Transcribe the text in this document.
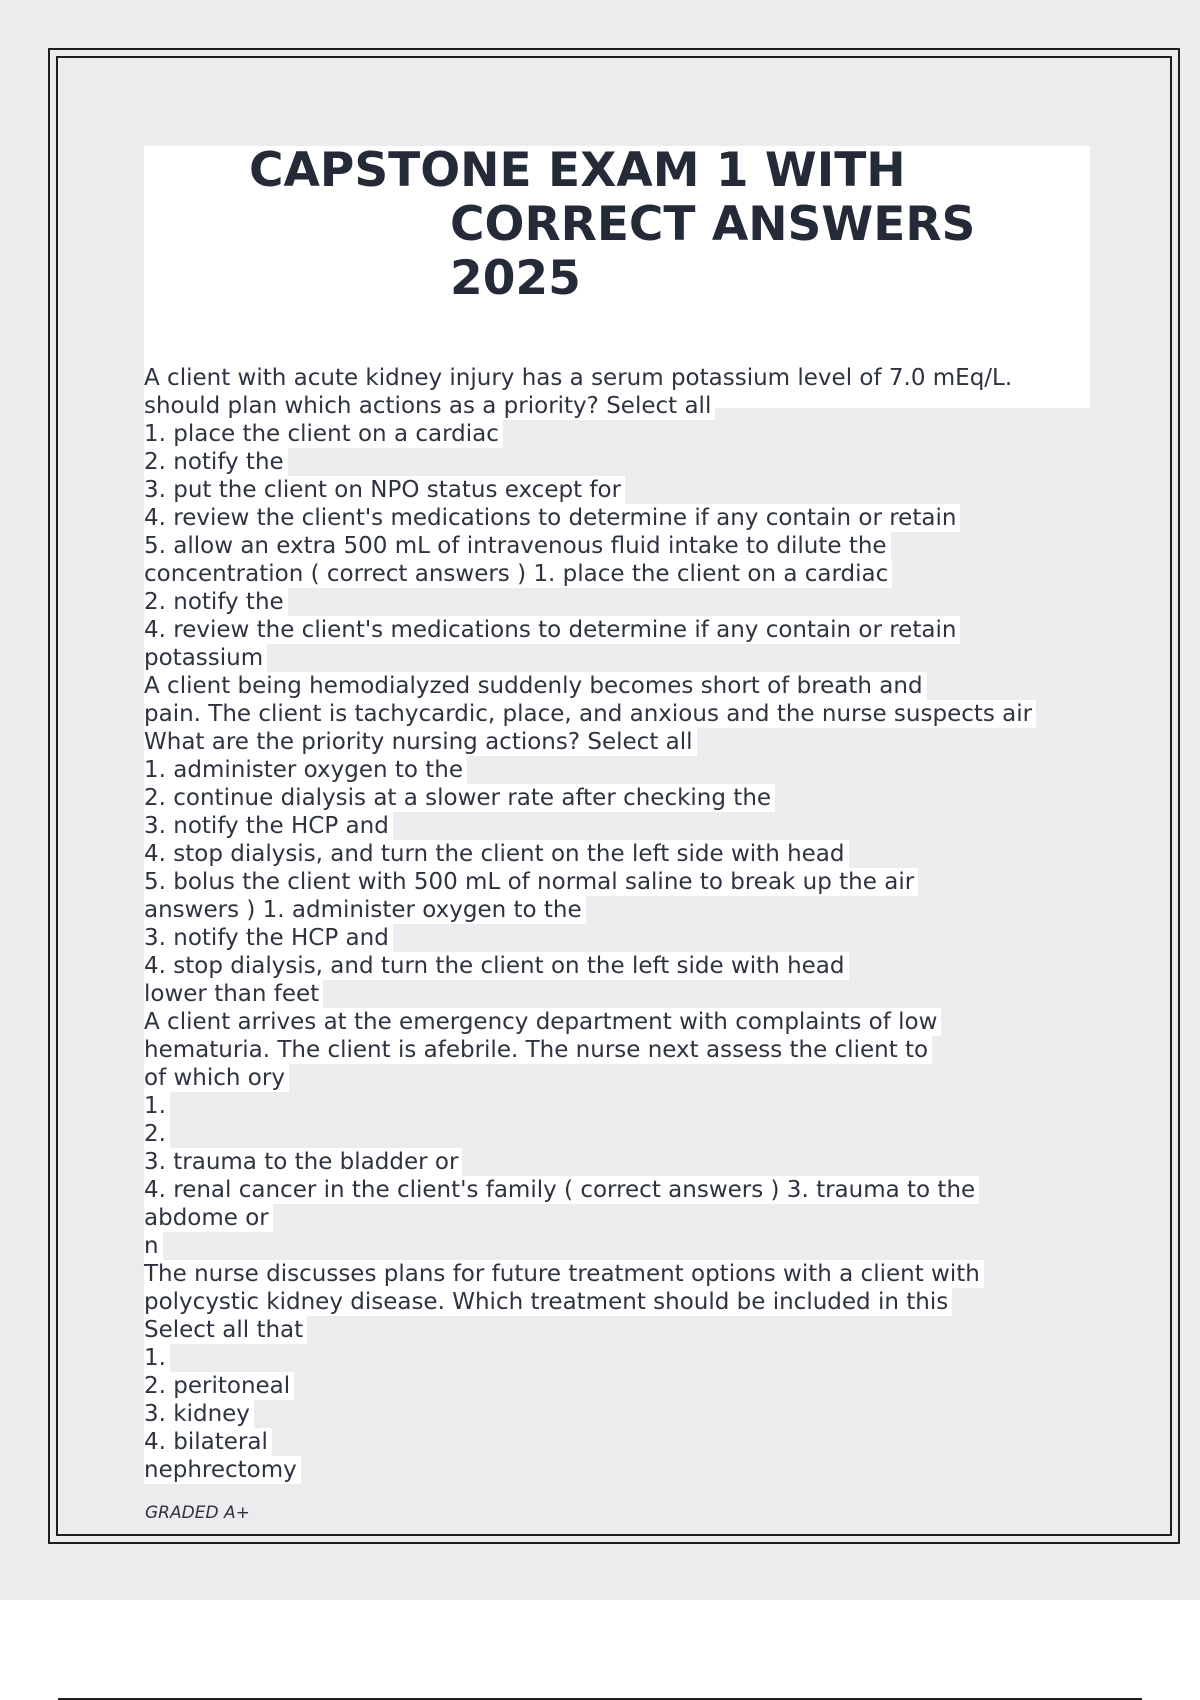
CAPSTONE EXAM 1 WITH
CORRECT ANSWERS
2025
A client with acute kidney injury has a serum potassium level of 7.0 mEq/L.
should plan which actions as a priority? Select all
1. place the client on a cardiac
2. notify the
3. put the client on NPO status except for
4. review the client's medications to determine if any contain or retain
5. allow an extra 500 mL of intravenous fluid intake to dilute the
concentration ( correct answers ) 1. place the client on a cardiac
2. notify the
4. review the client's medications to determine if any contain or retain
potassium
A client being hemodialyzed suddenly becomes short of breath and
pain. The client is tachycardic, place, and anxious and the nurse suspects air
What are the priority nursing actions? Select all
1. administer oxygen to the
2. continue dialysis at a slower rate after checking the
3. notify the HCP and
4. stop dialysis, and turn the client on the left side with head
5. bolus the client with 500 mL of normal saline to break up the air
answers ) 1. administer oxygen to the
3. notify the HCP and
4. stop dialysis, and turn the client on the left side with head
lower than feet
A client arrives at the emergency department with complaints of low
hematuria. The client is afebrile. The nurse next assess the client to
of which ory
1.
2.
3. trauma to the bladder or
4. renal cancer in the client's family ( correct answers ) 3. trauma to the
abdome or
n
The nurse discusses plans for future treatment options with a client with
polycystic kidney disease. Which treatment should be included in this
Select all that
1.
2. peritoneal
3. kidney
4. bilateral
nephrectomy
GRADED A+
